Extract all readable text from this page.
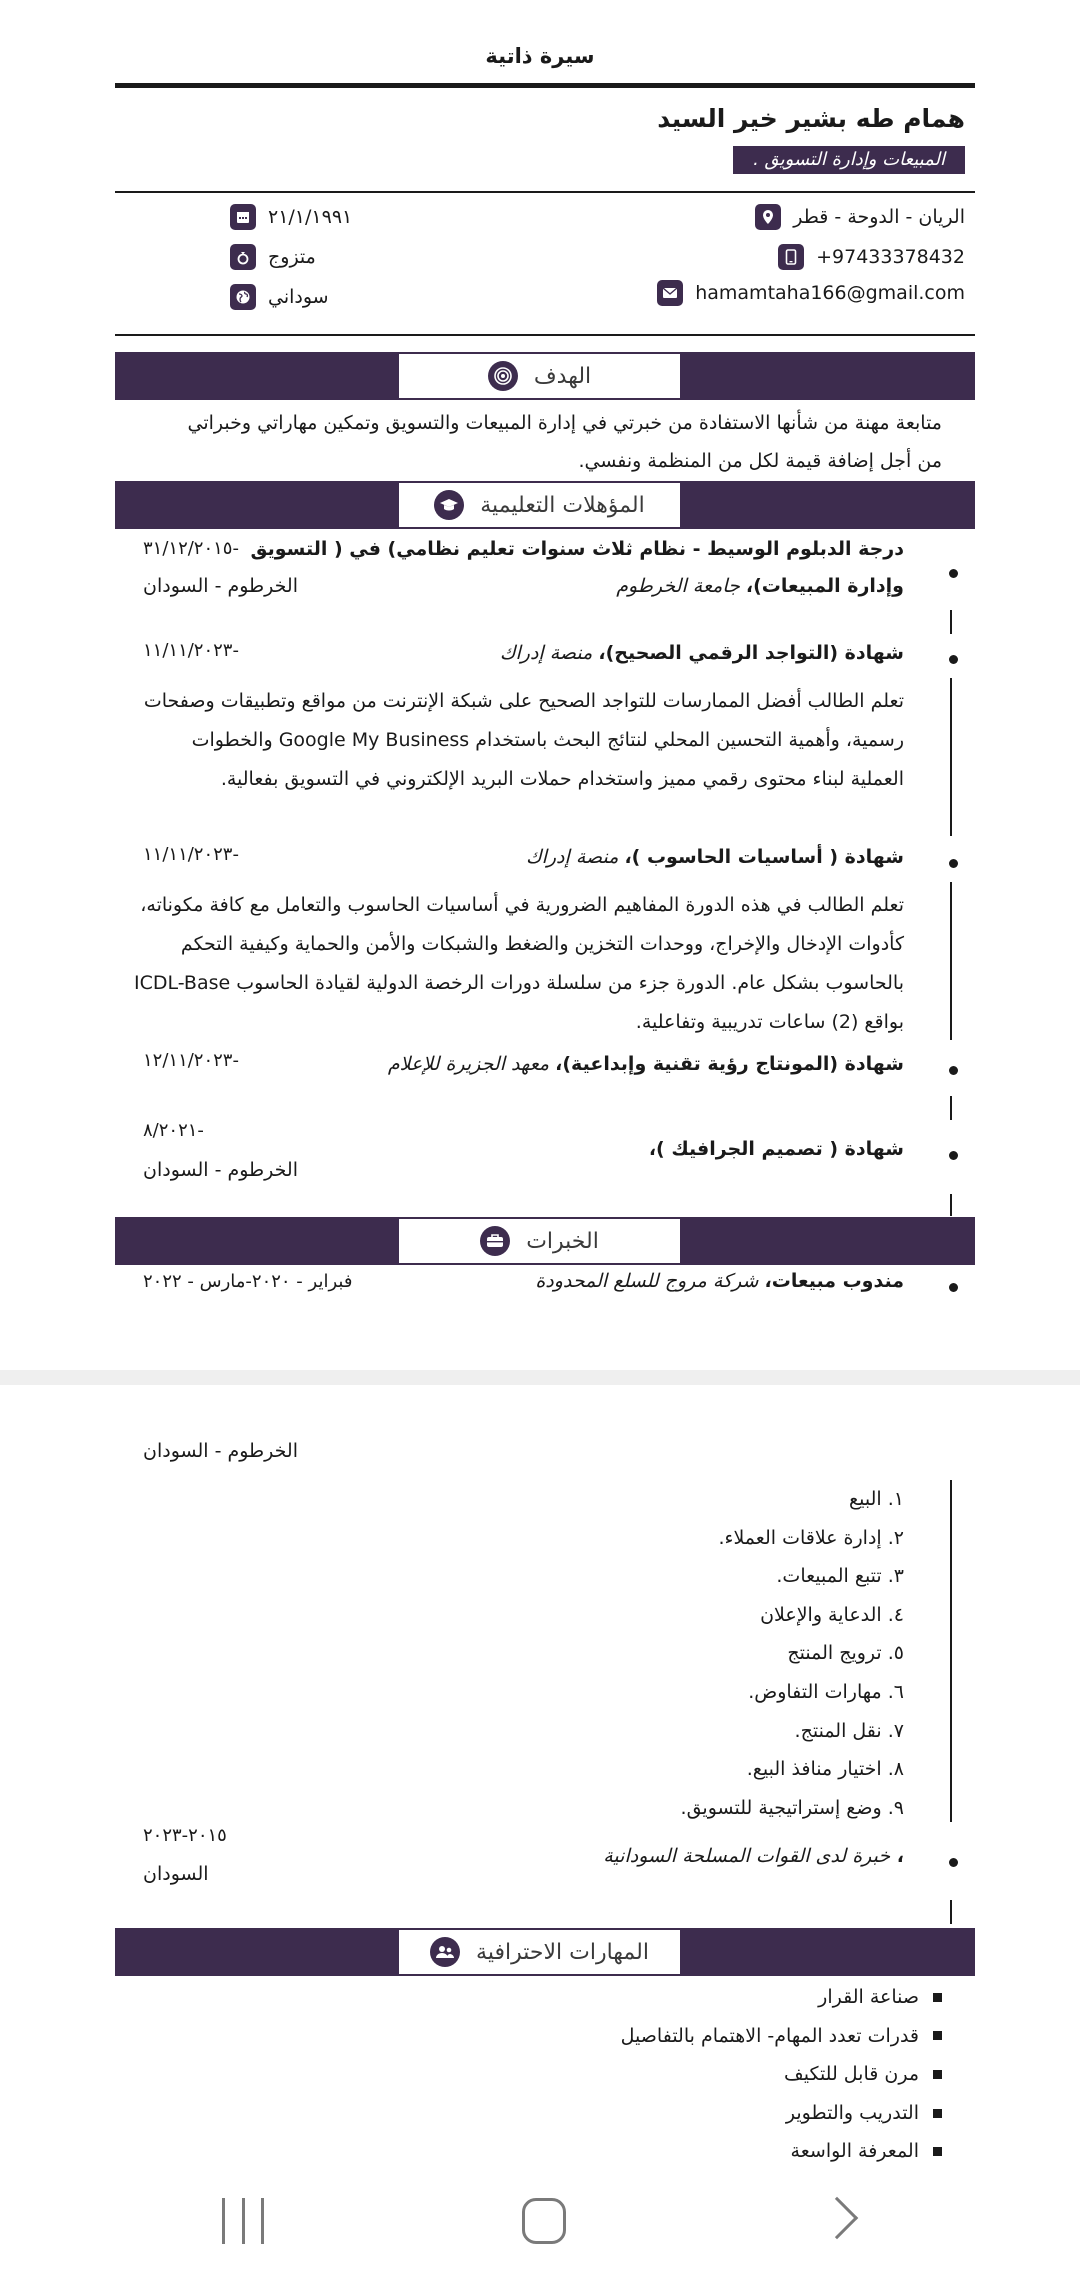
سيرة ذاتية
همام طه بشير خير السيد
المبيعات وإدارة التسويق .
الريان - الدوحة - قطر
+97433378432
hamamtaha166@gmail.com
٢١/١/١٩٩١
متزوج
سوداني
الهدف
متابعة مهنة من شأنها الاستفادة من خبرتي في إدارة المبيعات والتسويق وتمكين مهاراتي وخبراتي من أجل إضافة قيمة لكل من المنظمة ونفسي.
المؤهلات التعليمية
درجة الدبلوم الوسيط - نظام ثلاث سنوات تعليم نظامي) في ( التسويق
وإدارة المبيعات)، جامعة الخرطوم
-٣١/١٢/٢٠١٥
الخرطوم - السودان
شهادة (التواجد الرقمي الصحيح)، منصة إدراك
-١١/١١/٢٠٢٣
تعلم الطالب أفضل الممارسات للتواجد الصحيح على شبكة الإنترنت من مواقع وتطبيقات وصفحات رسمية، وأهمية التحسين المحلي لنتائج البحث باستخدام Google My Business والخطوات العملية لبناء محتوى رقمي مميز واستخدام حملات البريد الإلكتروني في التسويق بفعالية.
شهادة ( أساسيات الحاسوب )، منصة إدراك
-١١/١١/٢٠٢٣
تعلم الطالب في هذه الدورة المفاهيم الضرورية في أساسيات الحاسوب والتعامل مع كافة مكوناته، كأدوات الإدخال والإخراج، ووحدات التخزين والضغط والشبكات والأمن والحماية وكيفية التحكم بالحاسوب بشكل عام. الدورة جزء من سلسلة دورات الرخصة الدولية لقيادة الحاسوب ICDL-Base بواقع (2) ساعات تدريبية وتفاعلية.
شهادة (المونتاج رؤية تقنية وإبداعية)، معهد الجزيرة للإعلام
-١٢/١١/٢٠٢٣
شهادة ( تصميم الجرافيك )،
-٨/٢٠٢١
الخرطوم - السودان
الخبرات
مندوب مبيعات، شركة مروج للسلع المحدودة
فبراير - ٢٠٢٠-مارس - ٢٠٢٢
الخرطوم - السودان
١. البيع
٢. إدارة علاقات العملاء.
٣. تتبع المبيعات.
٤. الدعاية والإعلان
٥. ترويج المنتج
٦. مهارات التفاوض.
٧. نقل المنتج.
٨. اختيار منافذ البيع.
٩. وضع إستراتيجية للتسويق.
، خبرة لدى القوات المسلحة السودانية
٢٠١٥-٢٠٢٣
السودان
المهارات الاحترافية
صناعة القرار
قدرات تعدد المهام- الاهتمام بالتفاصيل
مرن قابل للتكيف
التدريب والتطوير
المعرفة الواسعة
